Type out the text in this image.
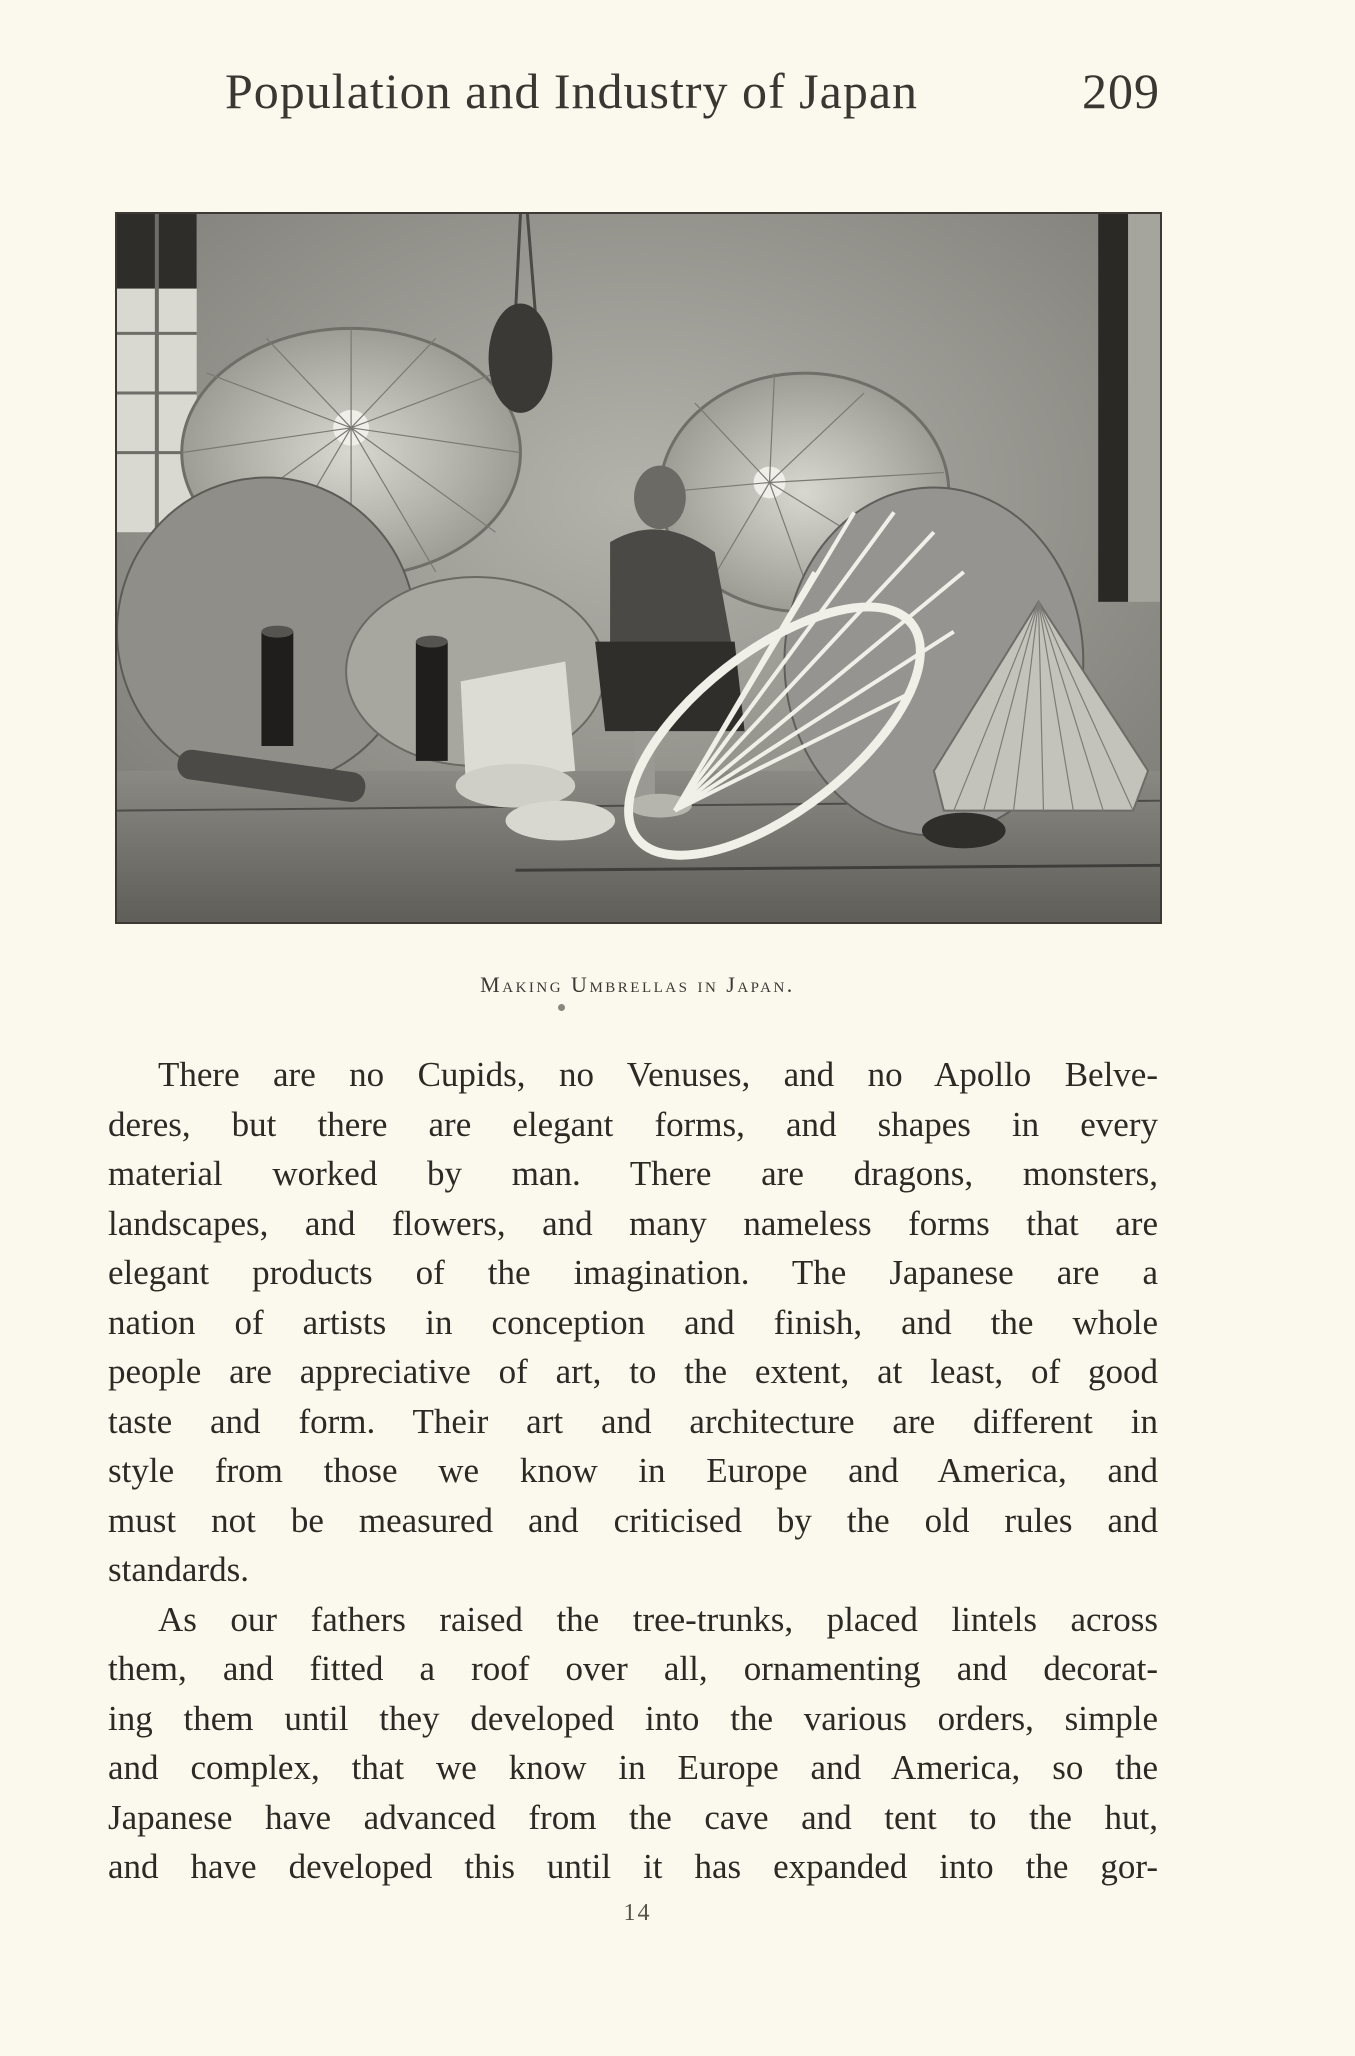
Population and Industry of Japan	209
Making Umbrellas in Japan.
There are no Cupids, no Venuses, and no Apollo Belve-
deres, but there are elegant forms, and shapes in every
material worked by man. There are dragons, monsters,
landscapes, and flowers, and many nameless forms that are
elegant products of the imagination. The Japanese are a
nation of artists in conception and finish, and the whole
people are appreciative of art, to the extent, at least, of good
taste and form. Their art and architecture are different in
style from those we know in Europe and America, and
must not be measured and criticised by the old rules and
standards.
As our fathers raised the tree-trunks, placed lintels across
them, and fitted a roof over all, ornamenting and decorat-
ing them until they developed into the various orders, simple
and complex, that we know in Europe and America, so the
Japanese have advanced from the cave and tent to the hut,
and have developed this until it has expanded into the gor-
14
